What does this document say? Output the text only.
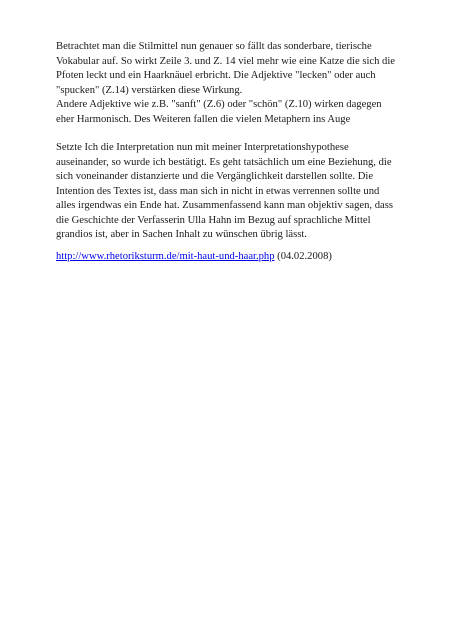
Betrachtet man die Stilmittel nun genauer so fällt das sonderbare, tierische
Vokabular auf. So wirkt Zeile 3. und Z. 14 viel mehr wie eine Katze die sich die
Pfoten leckt und ein Haarknäuel erbricht. Die Adjektive "lecken" oder auch
"spucken" (Z.14) verstärken diese Wirkung.
Andere Adjektive wie z.B. "sanft" (Z.6) oder "schön" (Z.10) wirken dagegen
eher Harmonisch. Des Weiteren fallen die vielen Metaphern ins Auge
Setzte Ich die Interpretation nun mit meiner Interpretationshypothese
auseinander, so wurde ich bestätigt. Es geht tatsächlich um eine Beziehung, die
sich voneinander distanzierte und die Vergänglichkeit darstellen sollte. Die
Intention des Textes ist, dass man sich in nicht in etwas verrennen sollte und
alles irgendwas ein Ende hat. Zusammenfassend kann man objektiv sagen, dass
die Geschichte der Verfasserin Ulla Hahn im Bezug auf sprachliche Mittel
grandios ist, aber in Sachen Inhalt zu wünschen übrig lässt.
http://www.rhetoriksturm.de/mit-haut-und-haar.php (04.02.2008)
